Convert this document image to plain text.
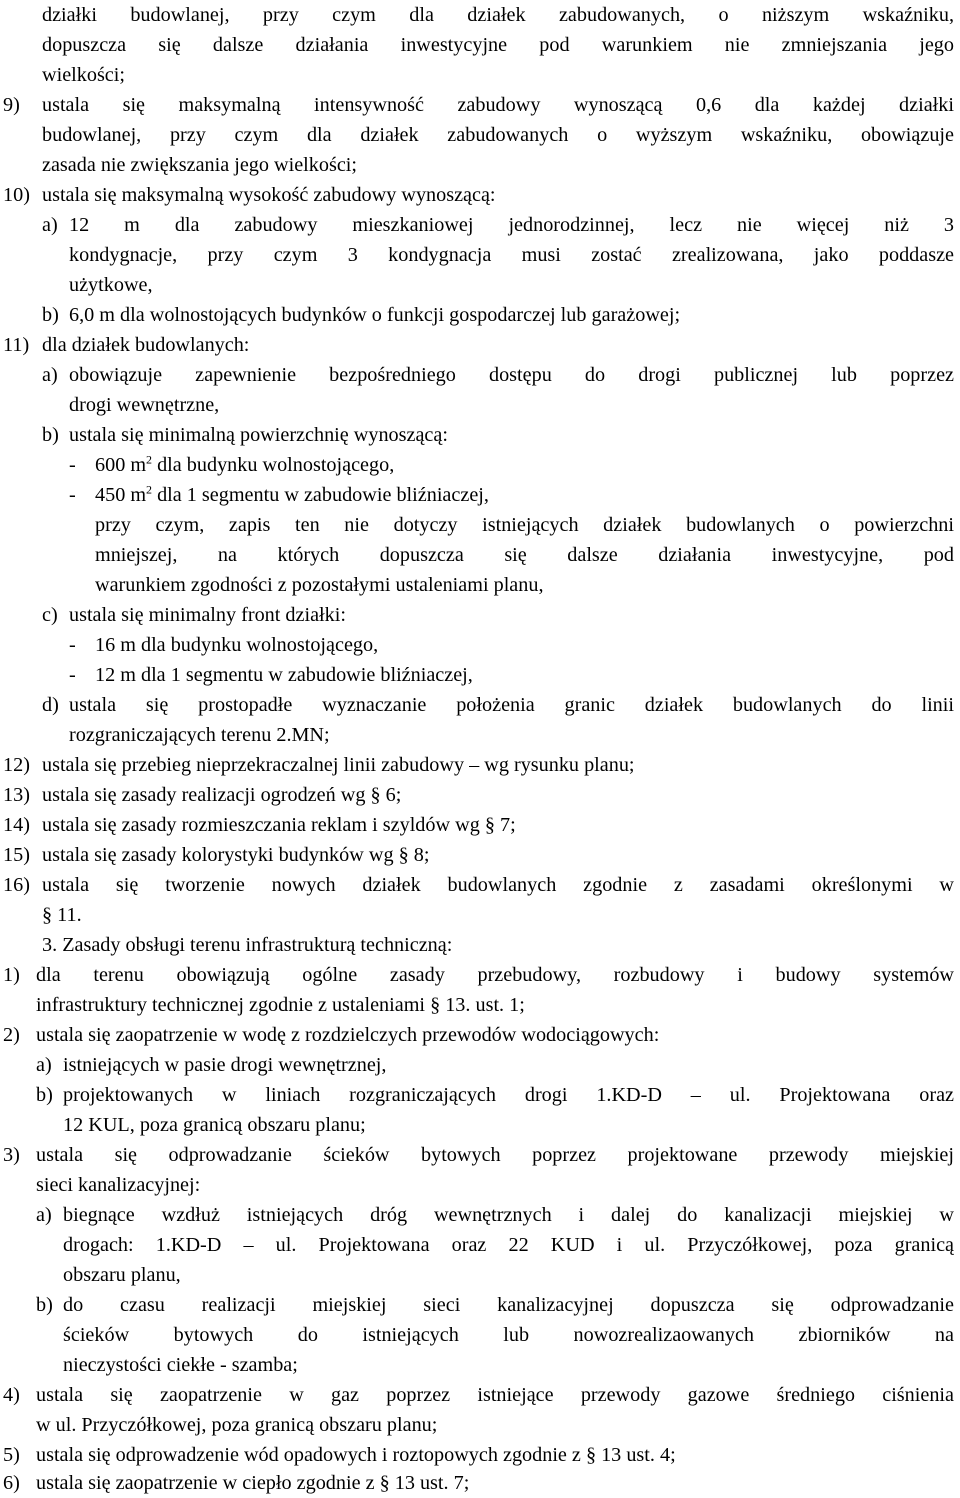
działki budowlanej, przy czym dla działek zabudowanych, o niższym wskaźniku,
dopuszcza się dalsze działania inwestycyjne pod warunkiem nie zmniejszania jego
wielkości;
9) ustala się maksymalną intensywność zabudowy wynoszącą 0,6 dla każdej działki
budowlanej, przy czym dla działek zabudowanych o wyższym wskaźniku, obowiązuje
zasada nie zwiększania jego wielkości;
10) ustala się maksymalną wysokość zabudowy wynoszącą:
a) 12 m dla zabudowy mieszkaniowej jednorodzinnej, lecz nie więcej niż 3
kondygnacje, przy czym 3 kondygnacja musi zostać zrealizowana, jako poddasze
użytkowe,
b) 6,0 m dla wolnostojących budynków o funkcji gospodarczej lub garażowej;
11) dla działek budowlanych:
a) obowiązuje zapewnienie bezpośredniego dostępu do drogi publicznej lub poprzez
drogi wewnętrzne,
b) ustala się minimalną powierzchnię wynoszącą:
- 600 $m^2$ dla budynku wolnostojącego,
- 450 $m^2$ dla 1 segmentu w zabudowie bliźniaczej,
przy czym, zapis ten nie dotyczy istniejących działek budowlanych o powierzchni
mniejszej, na których dopuszcza się dalsze działania inwestycyjne, pod
warunkiem zgodności z pozostałymi ustaleniami planu,
c) ustala się minimalny front działki:
- 16 m dla budynku wolnostojącego,
- 12 m dla 1 segmentu w zabudowie bliźniaczej,
d) ustala się prostopadłe wyznaczanie położenia granic działek budowlanych do linii
rozgraniczających terenu 2.MN;
12) ustala się przebieg nieprzekraczalnej linii zabudowy – wg rysunku planu;
13) ustala się zasady realizacji ogrodzeń wg § 6;
14) ustala się zasady rozmieszczania reklam i szyldów wg § 7;
15) ustala się zasady kolorystyki budynków wg § 8;
16) ustala się tworzenie nowych działek budowlanych zgodnie z zasadami określonymi w
§ 11.
3. Zasady obsługi terenu infrastrukturą techniczną:
1) dla terenu obowiązują ogólne zasady przebudowy, rozbudowy i budowy systemów
infrastruktury technicznej zgodnie z ustaleniami § 13. ust. 1;
2) ustala się zaopatrzenie w wodę z rozdzielczych przewodów wodociągowych:
a) istniejących w pasie drogi wewnętrznej,
b) projektowanych w liniach rozgraniczających drogi 1.KD-D – ul. Projektowana oraz
12 KUL, poza granicą obszaru planu;
3) ustala się odprowadzanie ścieków bytowych poprzez projektowane przewody miejskiej
sieci kanalizacyjnej:
a) biegnące wzdłuż istniejących dróg wewnętrznych i dalej do kanalizacji miejskiej w
drogach: 1.KD-D – ul. Projektowana oraz 22 KUD i ul. Przyczółkowej, poza granicą
obszaru planu,
b) do czasu realizacji miejskiej sieci kanalizacyjnej dopuszcza się odprowadzanie
ścieków bytowych do istniejących lub nowozrealizaowanych zbiorników na
nieczystości ciekłe - szamba;
4) ustala się zaopatrzenie w gaz poprzez istniejące przewody gazowe średniego ciśnienia
w ul. Przyczółkowej, poza granicą obszaru planu;
5) ustala się odprowadzenie wód opadowych i roztopowych zgodnie z § 13 ust. 4;
6) ustala się zaopatrzenie w ciepło zgodnie z § 13 ust. 7;
